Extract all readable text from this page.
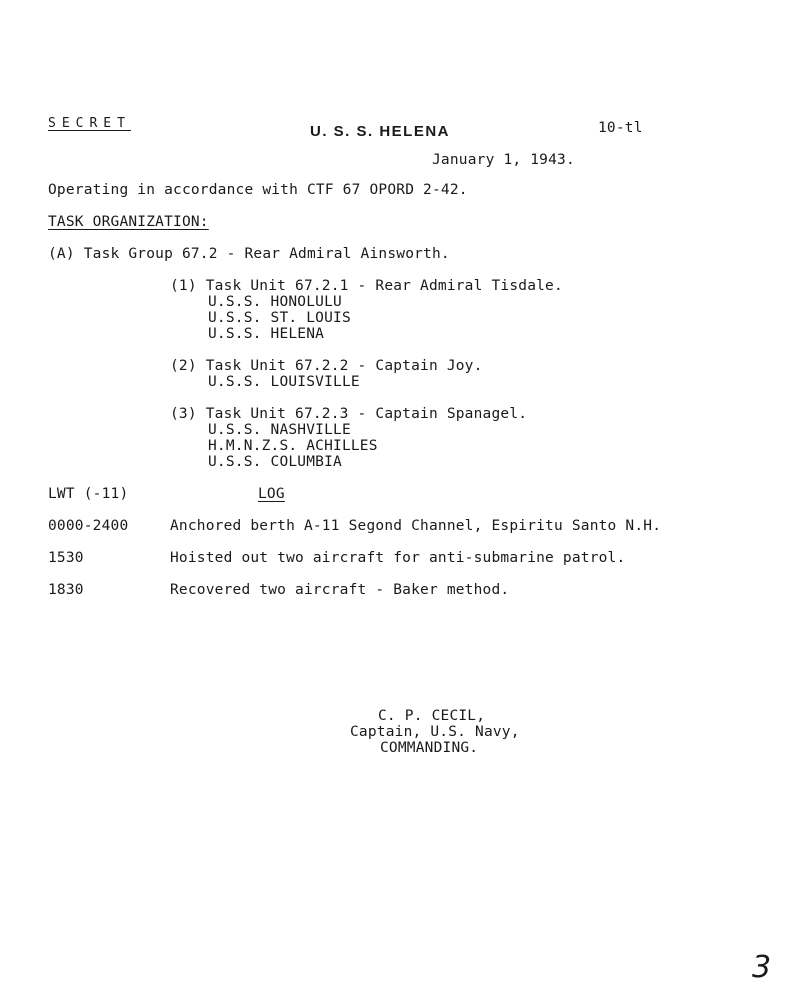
SECRET	U. S. S. HELENA	10-tl
January 1, 1943.
Operating in accordance with CTF 67 OPORD 2-42.
TASK ORGANIZATION:
(A) Task Group 67.2 - Rear Admiral Ainsworth.
(1) Task Unit 67.2.1 - Rear Admiral Tisdale.
U.S.S. HONOLULU
U.S.S. ST. LOUIS
U.S.S. HELENA
(2) Task Unit 67.2.2 - Captain Joy.
U.S.S. LOUISVILLE
(3) Task Unit 67.2.3 - Captain Spanagel.
U.S.S. NASHVILLE
H.M.N.Z.S. ACHILLES
U.S.S. COLUMBIA
LWT (-11)	LOG
0000-2400	Anchored berth A-11 Segond Channel, Espiritu Santo N.H.
1530	Hoisted out two aircraft for anti-submarine patrol.
1830	Recovered two aircraft - Baker method.
C. P. CECIL,
Captain, U.S. Navy,
COMMANDING.
3
